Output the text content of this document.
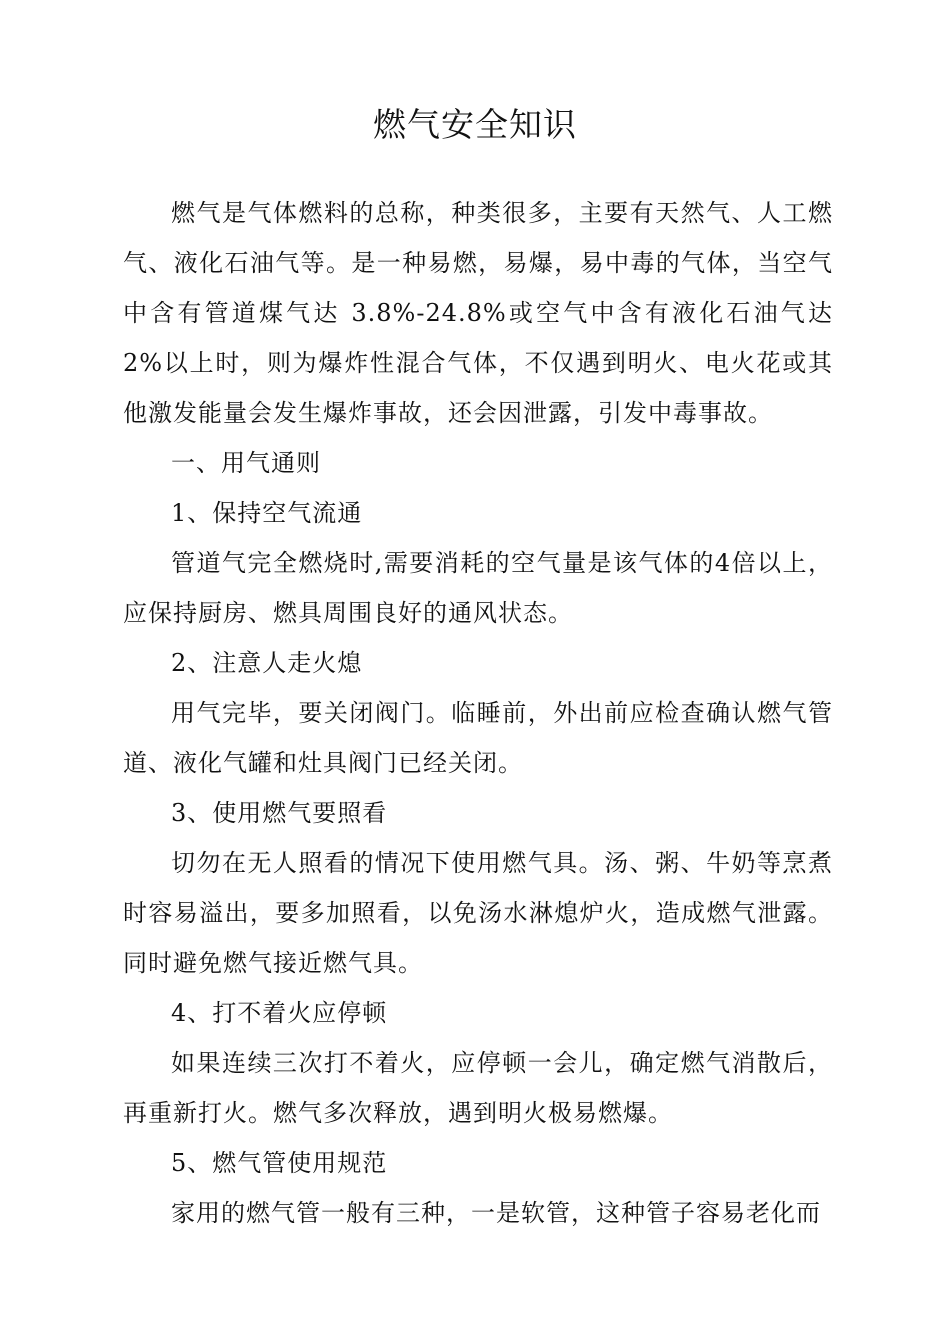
燃气安全知识

燃气是气体燃料的总称，种类很多，主要有天然气、人工燃气、液化石油气等。是一种易燃，易爆，易中毒的气体，当空气中含有管道煤气达 3.8%-24.8%或空气中含有液化石油气达 2%以上时，则为爆炸性混合气体，不仅遇到明火、电火花或其他激发能量会发生爆炸事故，还会因泄露，引发中毒事故。

一、用气通则

1、保持空气流通

管道气完全燃烧时,需要消耗的空气量是该气体的4倍以上，应保持厨房、燃具周围良好的通风状态。

2、注意人走火熄

用气完毕，要关闭阀门。临睡前，外出前应检查确认燃气管道、液化气罐和灶具阀门已经关闭。

3、使用燃气要照看

切勿在无人照看的情况下使用燃气具。汤、粥、牛奶等烹煮时容易溢出，要多加照看，以免汤水淋熄炉火，造成燃气泄露。同时避免燃气接近燃气具。

4、打不着火应停顿

如果连续三次打不着火，应停顿一会儿，确定燃气消散后，再重新打火。燃气多次释放，遇到明火极易燃爆。

5、燃气管使用规范

家用的燃气管一般有三种，一是软管，这种管子容易老化而
